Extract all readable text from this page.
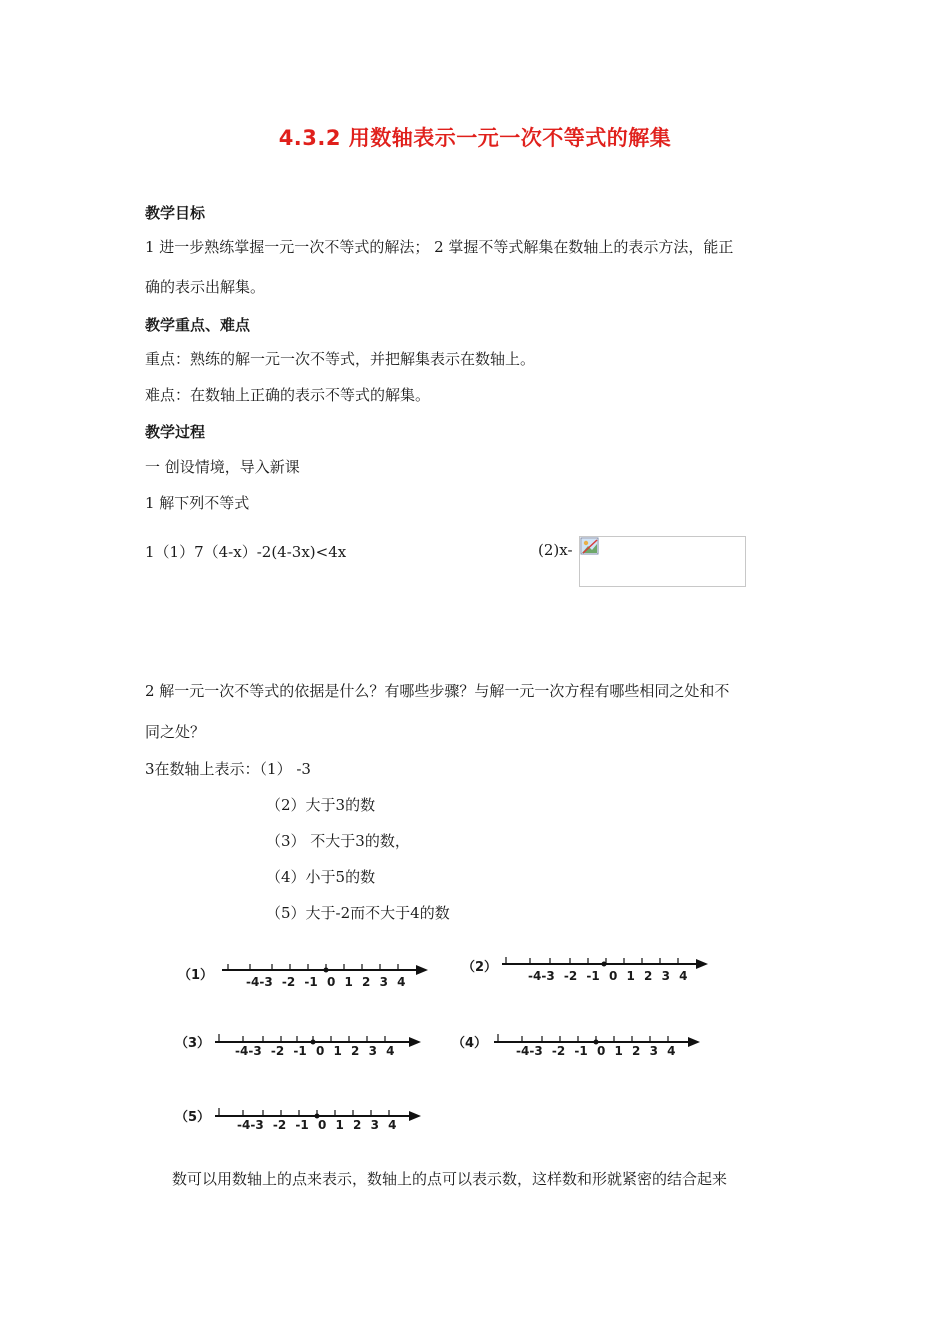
4.3.2 用数轴表示一元一次不等式的解集
教学目标
1 进一步熟练掌握一元一次不等式的解法； 2 掌握不等式解集在数轴上的表示方法，能正
确的表示出解集。
教学重点、难点
重点：熟练的解一元一次不等式，并把解集表示在数轴上。
难点：在数轴上正确的表示不等式的解集。
教学过程
一 创设情境，导入新课
1 解下列不等式
1（1）7（4-x）-2(4-3x)<4x	(2)x-
2 解一元一次不等式的依据是什么？有哪些步骤？与解一元一次方程有哪些相同之处和不
同之处？
3在数轴上表示：（1） -3
（2）大于3的数
（3） 不大于3的数，
（4）小于5的数
（5）大于-2而不大于4的数
（1）	-4-3 -2 -1 0 1 2 3 4
（2）
-4-3 -2 -1 0 1 2 3 4
（3） -4-3 -2 -1 0 1 2 3 4	（4） -4-3 -2 -1 0 1 2 3 4
（5） -4-3 -2 -1 0 1 2 3 4
数可以用数轴上的点来表示，数轴上的点可以表示数，这样数和形就紧密的结合起来
